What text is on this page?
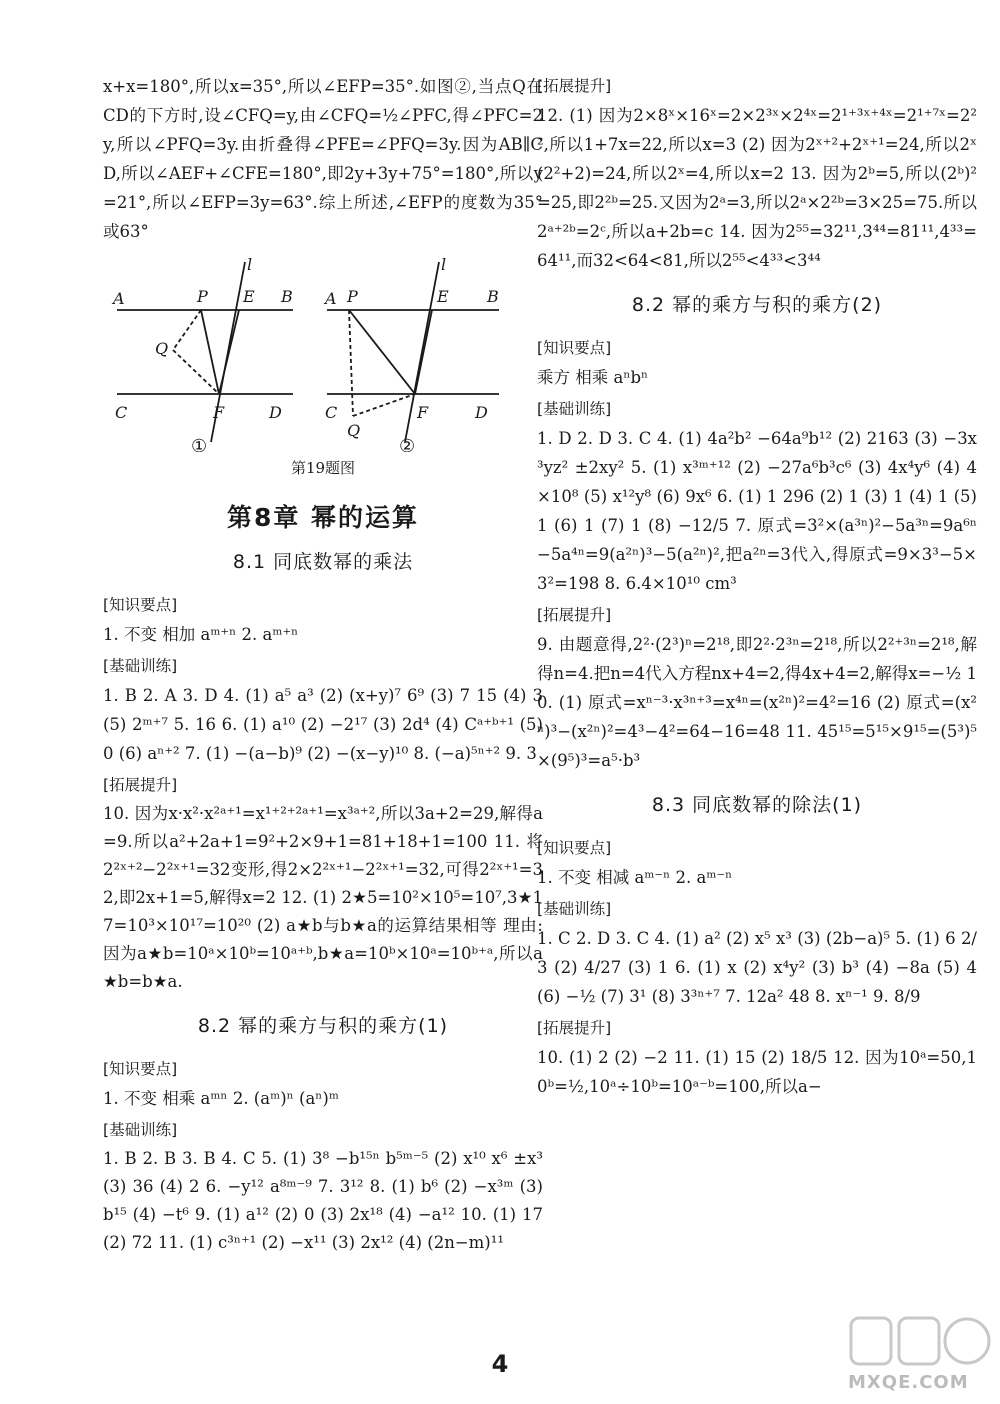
x+x=180°,所以x=35°,所以∠EFP=35°.如图②,当点Q在CD的下方时,设∠CFQ=y,由∠CFQ=½∠PFC,得∠PFC=2y,所以∠PFQ=3y.由折叠得∠PFE=∠PFQ=3y.因为AB∥CD,所以∠AEF+∠CFE=180°,即2y+3y+75°=180°,所以y=21°,所以∠EFP=3y=63°.综上所述,∠EFP的度数为35°或63°

A	P E B
l
Q
C	F	D
A P	E B
l
Q
C	F	D
①	②

第19题图

第8章 幂的运算
8.1 同底数幂的乘法

[ 知识要点 ]

1. 不变 相加 aᵐ⁺ⁿ 2. aᵐ⁺ⁿ

[ 基础训练 ]

1. B 2. A 3. D 4. (1) a⁵ a³ (2) (x+y)⁷ 6⁹ (3) 7 15 (4) 3 (5) 2ᵐ⁺⁷ 5. 16 6. (1) a¹⁰ (2) −2¹⁷ (3) 2d⁴ (4) Cᵃ⁺ᵇ⁺¹ (5) 0 (6) aⁿ⁺² 7. (1) −(a−b)⁹ (2) −(x−y)¹⁰ 8. (−a)⁵ⁿ⁺² 9. 3

[ 拓展提升 ]

10. 因为x·x²·x²ᵃ⁺¹=x¹⁺²⁺²ᵃ⁺¹=x³ᵃ⁺²,所以3a+2=29,解得a=9.所以a²+2a+1=9²+2×9+1=81+18+1=100 11. 将2²ˣ⁺²−2²ˣ⁺¹=32变形,得2×2²ˣ⁺¹−2²ˣ⁺¹=32,可得2²ˣ⁺¹=32,即2x+1=5,解得x=2 12. (1) 2★5=10²×10⁵=10⁷,3★17=10³×10¹⁷=10²⁰ (2) a★b与b★a的运算结果相等 理由:因为a★b=10ᵃ×10ᵇ=10ᵃ⁺ᵇ,b★a=10ᵇ×10ᵃ=10ᵇ⁺ᵃ,所以a★b=b★a.

8.2 幂的乘方与积的乘方(1)

[ 知识要点 ]

1. 不变 相乘 aᵐⁿ 2. (aᵐ)ⁿ (aⁿ)ᵐ

[ 基础训练 ]

1. B 2. B 3. B 4. C 5. (1) 3⁸ −b¹⁵ⁿ b⁵ᵐ⁻⁵ (2) x¹⁰ x⁶ ±x³ (3) 36 (4) 2 6. −y¹² a⁸ᵐ⁻⁹ 7. 3¹² 8. (1) b⁶ (2) −x³ᵐ (3) b¹⁵ (4) −t⁶ 9. (1) a¹² (2) 0 (3) 2x¹⁸ (4) −a¹² 10. (1) 17 (2) 72 11. (1) c³ⁿ⁺¹ (2) −x¹¹ (3) 2x¹² (4) (2n−m)¹¹

[ 拓展提升 ]

12. (1) 因为2×8ˣ×16ˣ=2×2³ˣ×2⁴ˣ=2¹⁺³ˣ⁺⁴ˣ=2¹⁺⁷ˣ=2²²,所以1+7x=22,所以x=3 (2) 因为2ˣ⁺²+2ˣ⁺¹=24,所以2ˣ(2²+2)=24,所以2ˣ=4,所以x=2 13. 因为2ᵇ=5,所以(2ᵇ)²=25,即2²ᵇ=25.又因为2ᵃ=3,所以2ᵃ×2²ᵇ=3×25=75.所以2ᵃ⁺²ᵇ=2ᶜ,所以a+2b=c 14. 因为2⁵⁵=32¹¹,3⁴⁴=81¹¹,4³³=64¹¹,而32<64<81,所以2⁵⁵<4³³<3⁴⁴

8.2 幂的乘方与积的乘方(2)

[ 知识要点 ]

乘方 相乘 aⁿbⁿ

[ 基础训练 ]

1. D 2. D 3. C 4. (1) 4a²b² −64a⁹b¹² (2) 2163 (3) −3x³yz² ±2xy² 5. (1) x³ᵐ⁺¹² (2) −27a⁶b³c⁶ (3) 4x⁴y⁶ (4) 4×10⁸ (5) x¹²y⁸ (6) 9x⁶ 6. (1) 1 296 (2) 1 (3) 1 (4) 1 (5) 1 (6) 1 (7) 1 (8) −12/5 7. 原式=3²×(a³ⁿ)²−5a³ⁿ=9a⁶ⁿ−5a⁴ⁿ=9(a²ⁿ)³−5(a²ⁿ)²,把a²ⁿ=3代入,得原式=9×3³−5×3²=198 8. 6.4×10¹⁰ cm³

[ 拓展提升 ]

9. 由题意得,2²·(2³)ⁿ=2¹⁸,即2²·2³ⁿ=2¹⁸,所以2²⁺³ⁿ=2¹⁸,解得n=4.把n=4代入方程nx+4=2,得4x+4=2,解得x=−½ 10. (1) 原式=xⁿ⁻³·x³ⁿ⁺³=x⁴ⁿ=(x²ⁿ)²=4²=16 (2) 原式=(x²ⁿ)³−(x²ⁿ)²=4³−4²=64−16=48 11. 45¹⁵=5¹⁵×9¹⁵=(5³)⁵×(9⁵)³=a⁵·b³

8.3 同底数幂的除法(1)

[ 知识要点 ]

1. 不变 相减 aᵐ⁻ⁿ 2. aᵐ⁻ⁿ

[ 基础训练 ]

1. C 2. D 3. C 4. (1) a² (2) x⁵ x³ (3) (2b−a)⁵ 5. (1) 6 2/3 (2) 4/27 (3) 1 6. (1) x (2) x⁴y² (3) b³ (4) −8a (5) 4 (6) −½ (7) 3¹ (8) 3³ⁿ⁺⁷ 7. 12a² 48 8. xⁿ⁻¹ 9. 8/9

[ 拓展提升 ]

10. (1) 2 (2) −2 11. (1) 15 (2) 18/5 12. 因为10ᵃ=50,10ᵇ=½,10ᵃ÷10ᵇ=10ᵃ⁻ᵇ=100,所以a−

4
MXQE.COM
